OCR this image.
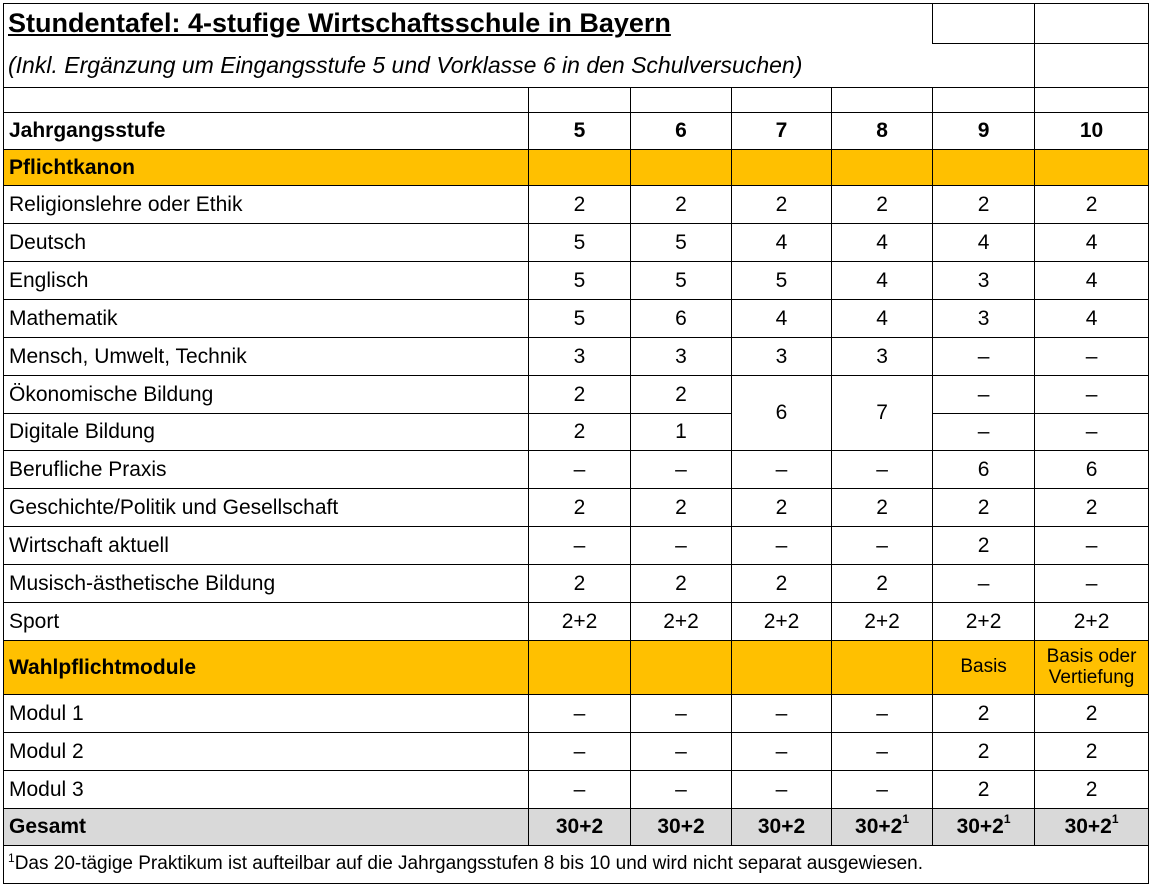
Stundentafel: 4-stufige Wirtschaftsschule in Bayern						
(Inkl. Ergänzung um Eingangsstufe 5 und Vorklasse 6 in den Schulversuchen)						

Jahrgangsstufe	5	6	7	8	9	10
Pflichtkanon						
Religionslehre oder Ethik	2	2	2	2	2	2
Deutsch	5	5	4	4	4	4
Englisch	5	5	5	4	3	4
Mathematik	5	6	4	4	3	4
Mensch, Umwelt, Technik	3	3	3	3	–	–
Ökonomische Bildung	2	2	6	7	–	–
Digitale Bildung	2	1			–	–
Berufliche Praxis	–	–	–	–	6	6
Geschichte/Politik und Gesellschaft	2	2	2	2	2	2
Wirtschaft aktuell	–	–	–	–	2	–
Musisch-ästhetische Bildung	2	2	2	2	–	–
Sport	2+2	2+2	2+2	2+2	2+2	2+2
Wahlpflichtmodule					Basis	Basis oder
Vertiefung

Modul 1	–	–	–	–	2	2
Modul 2	–	–	–	–	2	2
Modul 3	–	–	–	–	2	2
Gesamt	30+2	30+2	30+2	$30+2^1$	$30+2^1$	$30+2^1$
$^1$Das 20-tägige Praktikum ist aufteilbar auf die Jahrgangsstufen 8 bis 10 und wird nicht separat ausgewiesen.						
